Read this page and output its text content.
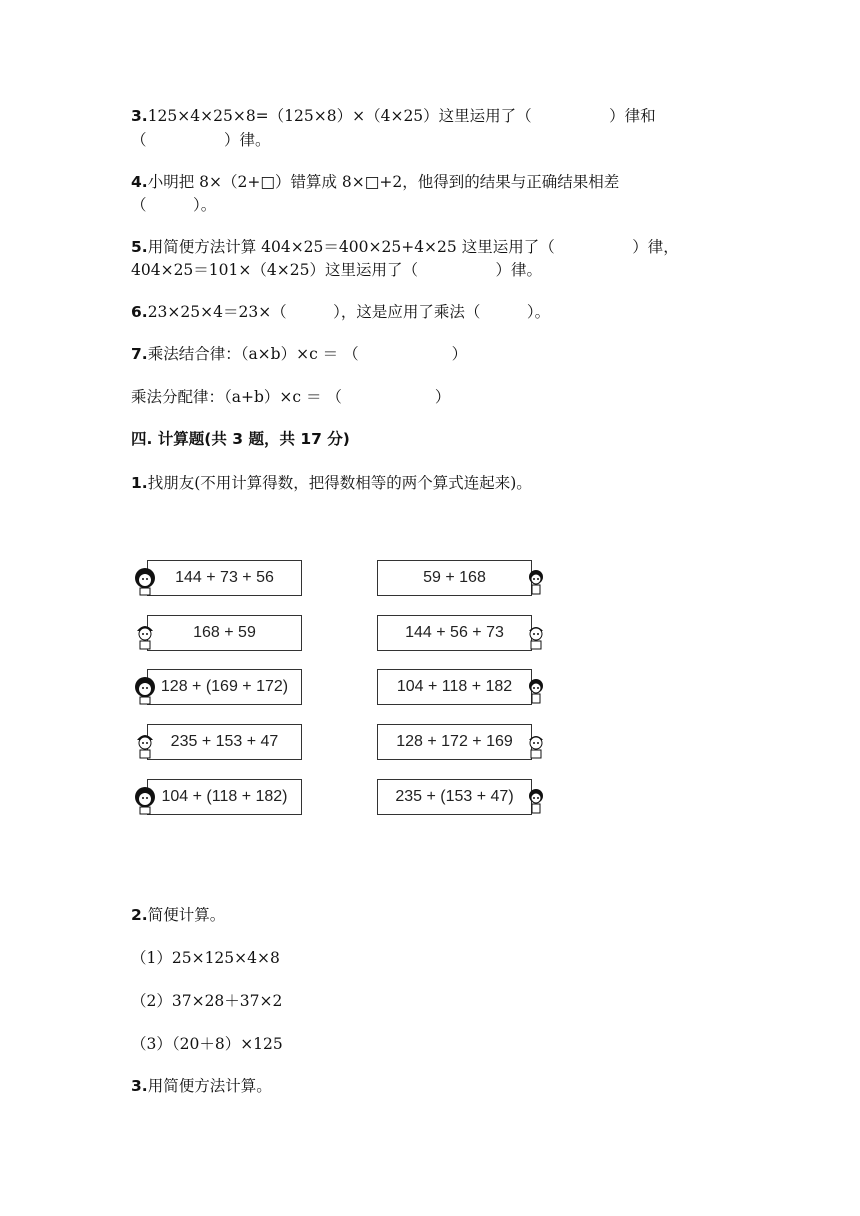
3.125×4×25×8=（125×8）×（4×25）这里运用了（　　　　　）律和
（　　　　　）律。
4.小明把 8×（2+□）错算成 8×□+2，他得到的结果与正确结果相差
（　　　）。
5.用简便方法计算 404×25＝400×25+4×25 这里运用了（　　　　　）律，
404×25＝101×（4×25）这里运用了（　　　　　）律。
6.23×25×4＝23×（　　　），这是应用了乘法（　　　）。
7.乘法结合律：（a×b）×c ＝ （　　　　　　）
乘法分配律：（a+b）×c ＝ （　　　　　　）
四. 计算题(共 3 题，共 17 分)
1.找朋友(不用计算得数，把得数相等的两个算式连起来)。
144 + 73 + 56
168 + 59
128 + (169 + 172)
235 + 153 + 47
104 + (118 + 182)
59 + 168
144 + 56 + 73
104 + 118 + 182
128 + 172 + 169
235 + (153 + 47)
2.简便计算。
（1）25×125×4×8
（2）37×28＋37×2
（3）（20＋8）×125
3.用简便方法计算。
